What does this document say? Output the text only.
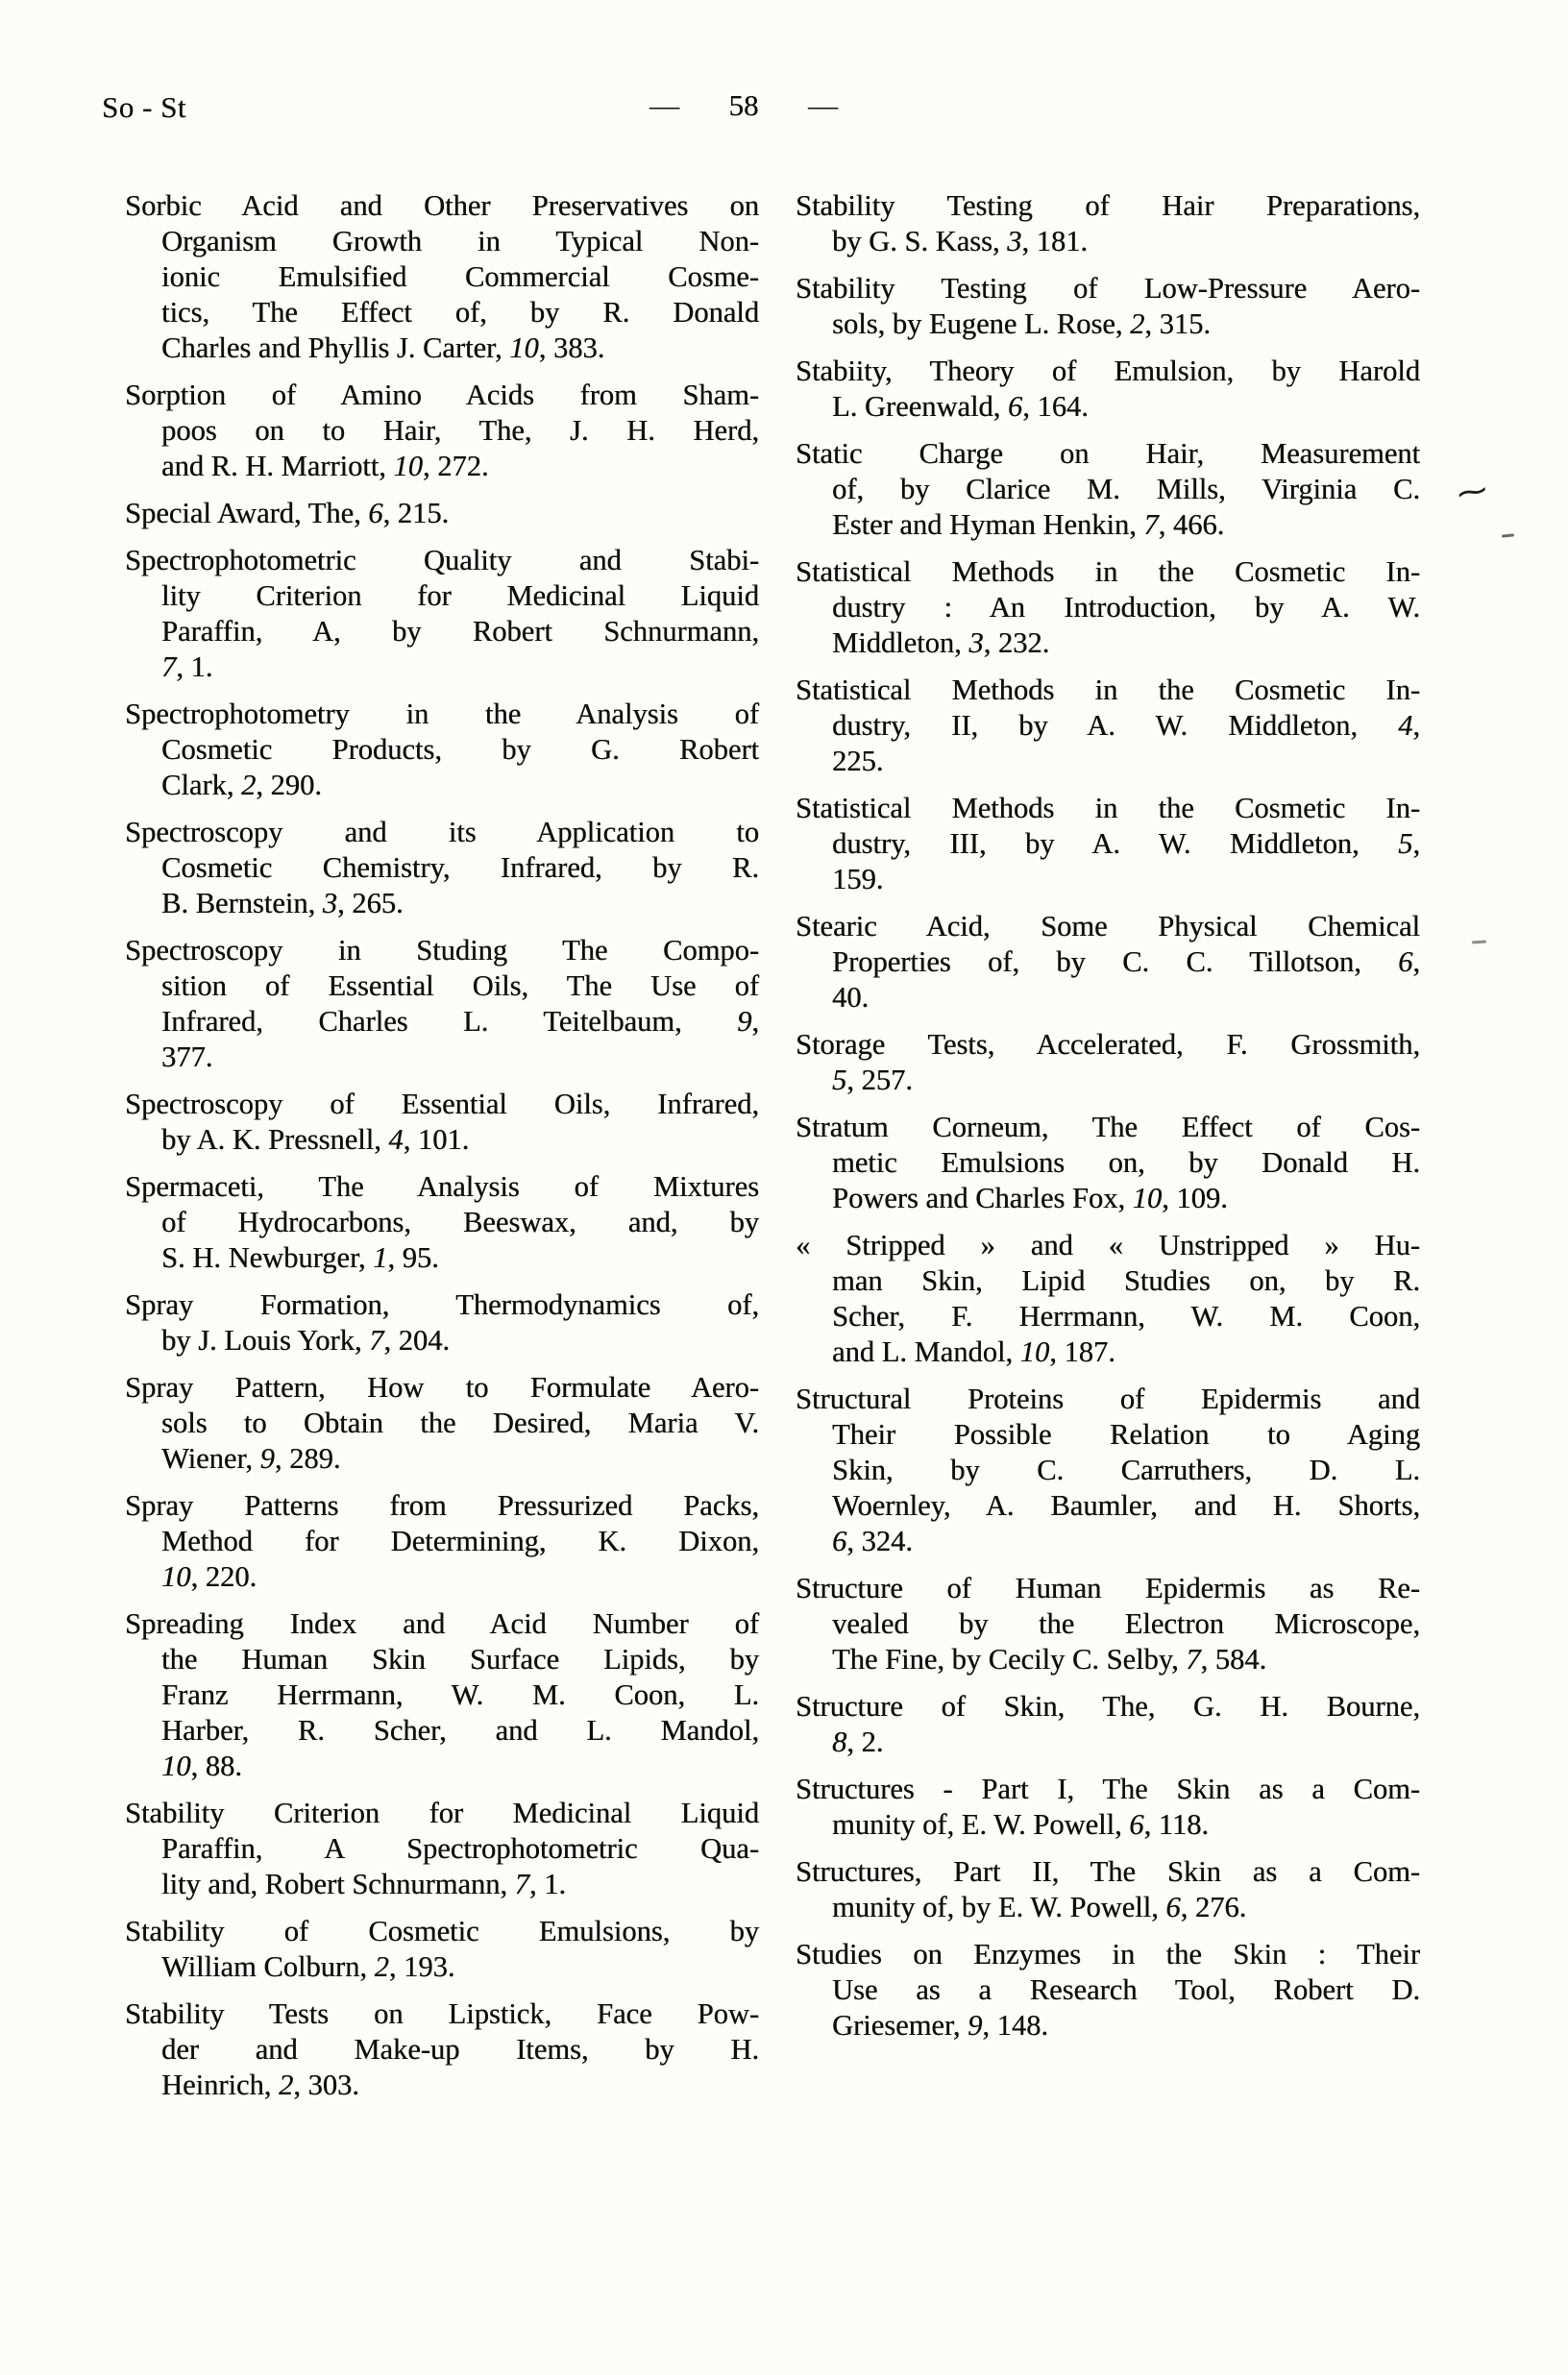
So - St	— 58 —
Sorbic Acid and Other Preservatives on
Organism Growth in Typical Non-
ionic Emulsified Commercial Cosme-
tics, The Effect of, by R. Donald
Charles and Phyllis J. Carter, 10, 383.
Sorption of Amino Acids from Sham-
poos on to Hair, The, J. H. Herd,
and R. H. Marriott, 10, 272.
Special Award, The, 6, 215.
Spectrophotometric Quality and Stabi-
lity Criterion for Medicinal Liquid
Paraffin, A, by Robert Schnurmann,
7, 1.
Spectrophotometry in the Analysis of
Cosmetic Products, by G. Robert
Clark, 2, 290.
Spectroscopy and its Application to
Cosmetic Chemistry, Infrared, by R.
B. Bernstein, 3, 265.
Spectroscopy in Studing The Compo-
sition of Essential Oils, The Use of
Infrared, Charles L. Teitelbaum, 9,
377.
Spectroscopy of Essential Oils, Infrared,
by A. K. Pressnell, 4, 101.
Spermaceti, The Analysis of Mixtures
of Hydrocarbons, Beeswax, and, by
S. H. Newburger, 1, 95.
Spray Formation, Thermodynamics of,
by J. Louis York, 7, 204.
Spray Pattern, How to Formulate Aero-
sols to Obtain the Desired, Maria V.
Wiener, 9, 289.
Spray Patterns from Pressurized Packs,
Method for Determining, K. Dixon,
10, 220.
Spreading Index and Acid Number of
the Human Skin Surface Lipids, by
Franz Herrmann, W. M. Coon, L.
Harber, R. Scher, and L. Mandol,
10, 88.
Stability Criterion for Medicinal Liquid
Paraffin, A Spectrophotometric Qua-
lity and, Robert Schnurmann, 7, 1.
Stability of Cosmetic Emulsions, by
William Colburn, 2, 193.
Stability Tests on Lipstick, Face Pow-
der and Make-up Items, by H.
Heinrich, 2, 303.
Stability Testing of Hair Preparations,
by G. S. Kass, 3, 181.
Stability Testing of Low-Pressure Aero-
sols, by Eugene L. Rose, 2, 315.
Stabiity, Theory of Emulsion, by Harold
L. Greenwald, 6, 164.
Static Charge on Hair, Measurement
of, by Clarice M. Mills, Virginia C.
Ester and Hyman Henkin, 7, 466.
Statistical Methods in the Cosmetic In-
dustry : An Introduction, by A. W.
Middleton, 3, 232.
Statistical Methods in the Cosmetic In-
dustry, II, by A. W. Middleton, 4,
225.
Statistical Methods in the Cosmetic In-
dustry, III, by A. W. Middleton, 5,
159.
Stearic Acid, Some Physical Chemical
Properties of, by C. C. Tillotson, 6,
40.
Storage Tests, Accelerated, F. Grossmith,
5, 257.
Stratum Corneum, The Effect of Cos-
metic Emulsions on, by Donald H.
Powers and Charles Fox, 10, 109.
« Stripped » and « Unstripped » Hu-
man Skin, Lipid Studies on, by R.
Scher, F. Herrmann, W. M. Coon,
and L. Mandol, 10, 187.
Structural Proteins of Epidermis and
Their Possible Relation to Aging
Skin, by C. Carruthers, D. L.
Woernley, A. Baumler, and H. Shorts,
6, 324.
Structure of Human Epidermis as Re-
vealed by the Electron Microscope,
The Fine, by Cecily C. Selby, 7, 584.
Structure of Skin, The, G. H. Bourne,
8, 2.
Structures - Part I, The Skin as a Com-
munity of, E. W. Powell, 6, 118.
Structures, Part II, The Skin as a Com-
munity of, by E. W. Powell, 6, 276.
Studies on Enzymes in the Skin : Their
Use as a Research Tool, Robert D.
Griesemer, 9, 148.
∼
